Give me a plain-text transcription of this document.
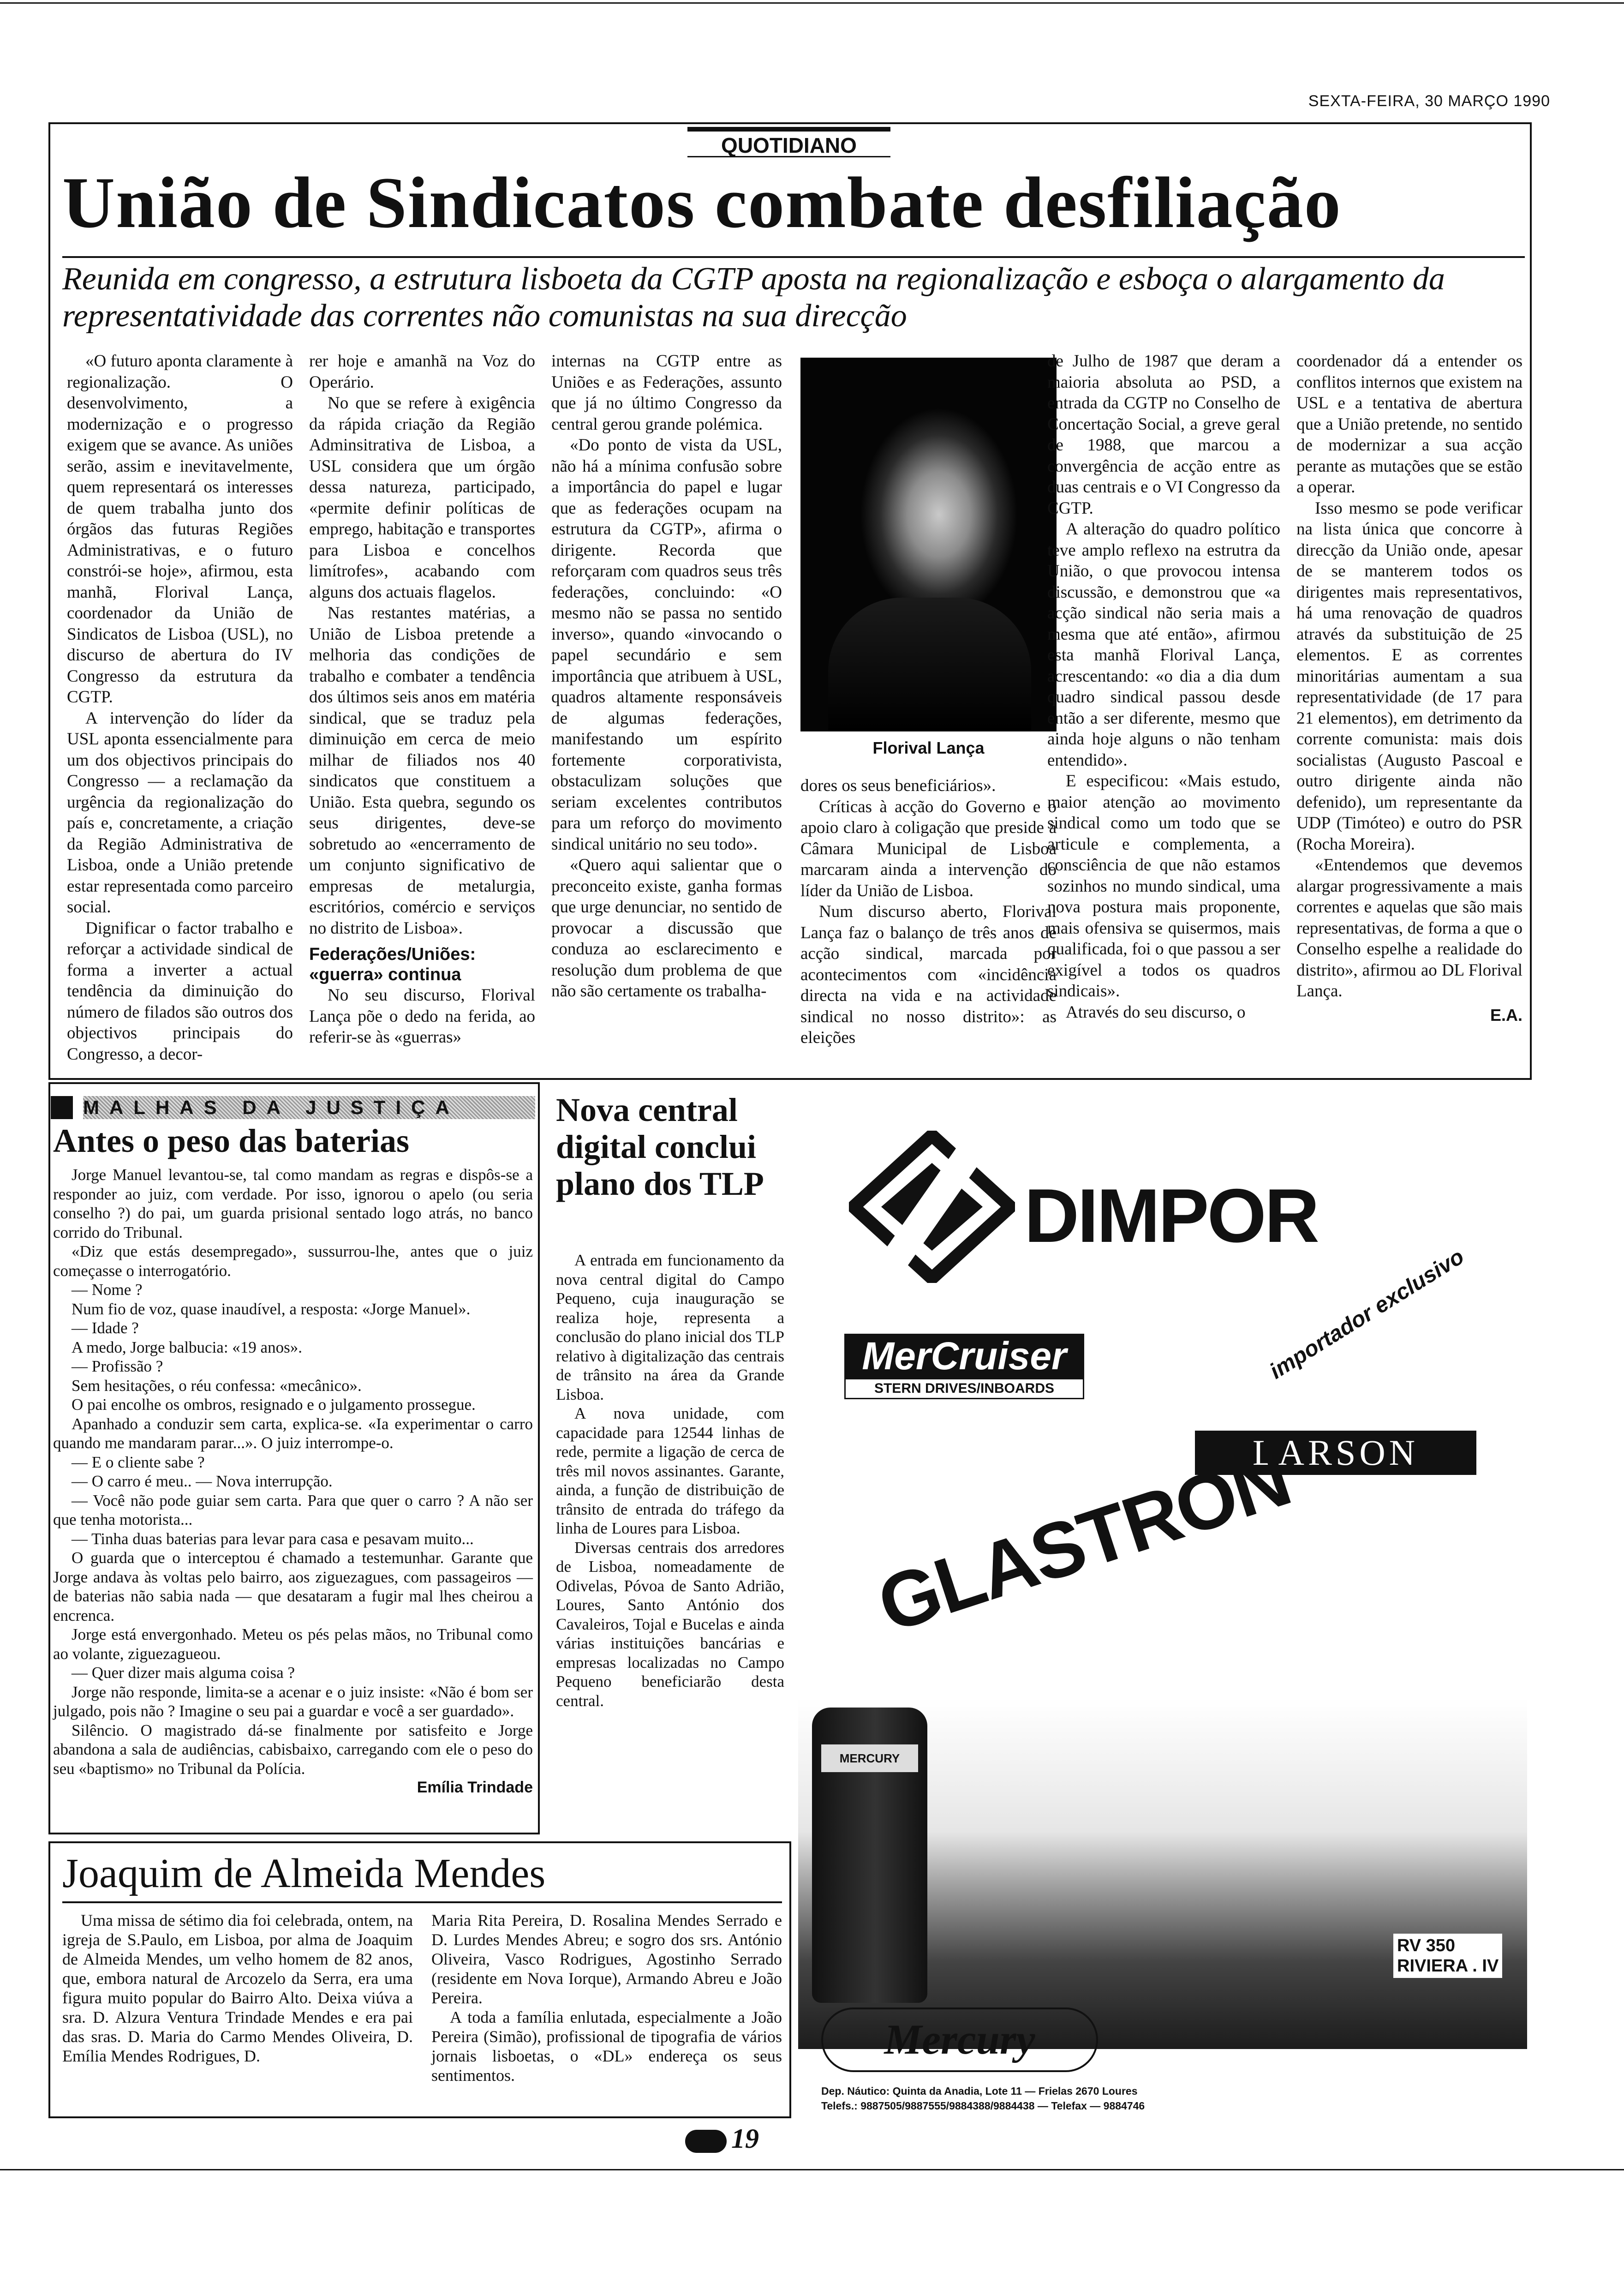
SEXTA-FEIRA, 30 MARÇO 1990
QUOTIDIANO
União de Sindicatos combate desfiliação
Reunida em congresso, a estrutura lisboeta da CGTP aposta na regionalização e esboça o alargamento da representatividade das correntes não comunistas na sua direcção

«O futuro aponta claramente à regionalização. O desenvolvimento, a modernização e o progresso exigem que se avance. As uniões serão, assim e inevitavelmente, quem representará os interesses de quem trabalha junto dos órgãos das futuras Regiões Administrativas, e o futuro constrói-se hoje», afirmou, esta manhã, Florival Lança, coordenador da União de Sindicatos de Lisboa (USL), no discurso de abertura do IV Congresso da estrutura da CGTP.

A intervenção do líder da USL aponta essencialmente para um dos objectivos principais do Congresso — a reclamação da urgência da regionalização do país e, concretamente, a criação da Região Administrativa de Lisboa, onde a União pretende estar representada como parceiro social.

Dignificar o factor trabalho e reforçar a actividade sindical de forma a inverter a actual tendência da diminuição do número de filados são outros dos objectivos principais do Congresso, a decor-

rer hoje e amanhã na Voz do Operário.

No que se refere à exigência da rápida criação da Região Adminsitrativa de Lisboa, a USL considera que um órgão dessa natureza, participado, «permite definir políticas de emprego, habitação e transportes para Lisboa e concelhos limítrofes», acabando com alguns dos actuais flagelos.

Nas restantes matérias, a União de Lisboa pretende a melhoria das condições de trabalho e combater a tendência dos últimos seis anos em matéria sindical, que se traduz pela diminuição em cerca de meio milhar de filiados nos 40 sindicatos que constituem a União. Esta quebra, segundo os seus dirigentes, deve-se sobretudo ao «encerramento de um conjunto significativo de empresas de metalurgia, escritórios, comércio e serviços no distrito de Lisboa».

Federações/Uniões: «guerra» continua

No seu discurso, Florival Lança põe o dedo na ferida, ao referir-se às «guerras»

internas na CGTP entre as Uniões e as Federações, assunto que já no último Congresso da central gerou grande polémica.

«Do ponto de vista da USL, não há a mínima confusão sobre a importância do papel e lugar que as federações ocupam na estrutura da CGTP», afirma o dirigente. Recorda que reforçaram com quadros seus três federações, concluindo: «O mesmo não se passa no sentido inverso», quando «invocando o papel secundário e sem importância que atribuem à USL, quadros altamente responsáveis de algumas federações, manifestando um espírito fortemente corporativista, obstaculizam soluções que seriam excelentes contributos para um reforço do movimento sindical unitário no seu todo».

«Quero aqui salientar que o preconceito existe, ganha formas que urge denunciar, no sentido de provocar a discussão que conduza ao esclarecimento e resolução dum problema de que não são certamente os trabalha-

Florival Lança

dores os seus beneficiários».

Críticas à acção do Governo e o apoio claro à coligação que preside à Câmara Municipal de Lisboa marcaram ainda a intervenção do líder da União de Lisboa.

Num discurso aberto, Florival Lança faz o balanço de três anos de acção sindical, marcada por acontecimentos com «incidência directa na vida e na actividade sindical no nosso distrito»: as eleições

de Julho de 1987 que deram a maioria absoluta ao PSD, a entrada da CGTP no Conselho de Concertação Social, a greve geral de 1988, que marcou a convergência de acção entre as duas centrais e o VI Congresso da CGTP.

A alteração do quadro político teve amplo reflexo na estrutra da União, o que provocou intensa discussão, e demonstrou que «a acção sindical não seria mais a mesma que até então», afirmou esta manhã Florival Lança, acrescentando: «o dia a dia dum quadro sindical passou desde então a ser diferente, mesmo que ainda hoje alguns o não tenham entendido».

E especificou: «Mais estudo, maior atenção ao movimento sindical como um todo que se articule e complementa, a consciência de que não estamos sozinhos no mundo sindical, uma nova postura mais proponente, mais ofensiva se quisermos, mais qualificada, foi o que passou a ser exigível a todos os quadros sindicais».

Através do seu discurso, o

coordenador dá a entender os conflitos internos que existem na USL e a tentativa de abertura que a União pretende, no sentido de modernizar a sua acção perante as mutações que se estão a operar.

Isso mesmo se pode verificar na lista única que concorre à direcção da União onde, apesar de se manterem todos os dirigentes mais representativos, há uma renovação de quadros através da substituição de 25 elementos. E as correntes minoritárias aumentam a sua representatividade (de 17 para 21 elementos), em detrimento da corrente comunista: mais dois socialistas (Augusto Pascoal e outro dirigente ainda não defenido), um representante da UDP (Timóteo) e outro do PSR (Rocha Moreira).

«Entendemos que devemos alargar progressivamente a mais correntes e aquelas que são mais representativas, de forma a que o Conselho espelhe a realidade do distrito», afirmou ao DL Florival Lança.

E.A.
MALHAS DA JUSTIÇA
Antes o peso das baterias

Jorge Manuel levantou-se, tal como mandam as regras e dispôs-se a responder ao juiz, com verdade. Por isso, ignorou o apelo (ou seria conselho ?) do pai, um guarda prisional sentado logo atrás, no banco corrido do Tribunal.

«Diz que estás desempregado», sussurrou-lhe, antes que o juiz começasse o interrogatório.

— Nome ?

Num fio de voz, quase inaudível, a resposta: «Jorge Manuel».

— Idade ?

A medo, Jorge balbucia: «19 anos».

— Profissão ?

Sem hesitações, o réu confessa: «mecânico».

O pai encolhe os ombros, resignado e o julgamento prossegue.

Apanhado a conduzir sem carta, explica-se. «Ia experimentar o carro quando me mandaram parar...». O juiz interrompe-o.

— E o cliente sabe ?

— O carro é meu.. — Nova interrupção.

— Você não pode guiar sem carta. Para que quer o carro ? A não ser que tenha motorista...

— Tinha duas baterias para levar para casa e pesavam muito...

O guarda que o interceptou é chamado a testemunhar. Garante que Jorge andava às voltas pelo bairro, aos ziguezagues, com passageiros — de baterias não sabia nada — que desataram a fugir mal lhes cheirou a encrenca.

Jorge está envergonhado. Meteu os pés pelas mãos, no Tribunal como ao volante, ziguezagueou.

— Quer dizer mais alguma coisa ?

Jorge não responde, limita-se a acenar e o juiz insiste: «Não é bom ser julgado, pois não ? Imagine o seu pai a guardar e você a ser guardado».

Silêncio. O magistrado dá-se finalmente por satisfeito e Jorge abandona a sala de audiências, cabisbaixo, carregando com ele o peso do seu «baptismo» no Tribunal da Polícia.

Emília Trindade
Nova central digital conclui plano dos TLP

A entrada em funcionamento da nova central digital do Campo Pequeno, cuja inauguração se realiza hoje, representa a conclusão do plano inicial dos TLP relativo à digitalização das centrais de trânsito na área da Grande Lisboa.

A nova unidade, com capacidade para 12544 linhas de rede, permite a ligação de cerca de três mil novos assinantes. Garante, ainda, a função de distribuição de trânsito de entrada do tráfego da linha de Loures para Lisboa.

Diversas centrais dos arredores de Lisboa, nomeadamente de Odivelas, Póvoa de Santo Adrião, Loures, Santo António dos Cavaleiros, Tojal e Bucelas e ainda várias instituições bancárias e empresas localizadas no Campo Pequeno beneficiarão desta central.

Joaquim de Almeida Mendes

Uma missa de sétimo dia foi celebrada, ontem, na igreja de S.Paulo, em Lisboa, por alma de Joaquim de Almeida Mendes, um velho homem de 82 anos, que, embora natural de Arcozelo da Serra, era uma figura muito popular do Bairro Alto. Deixa viúva a sra. D. Alzura Ventura Trindade Mendes e era pai das sras. D. Maria do Carmo Mendes Oliveira, D. Emília Mendes Rodrigues, D.

Maria Rita Pereira, D. Rosalina Mendes Serrado e D. Lurdes Mendes Abreu; e sogro dos srs. António Oliveira, Vasco Rodrigues, Agostinho Serrado (residente em Nova Iorque), Armando Abreu e João Pereira.

A toda a família enlutada, especialmente a João Pereira (Simão), profissional de tipografia de vários jornais lisboetas, o «DL» endereça os seus sentimentos.

DIMPOR
importador exclusivo
MerCruiser
STERN DRIVES/INBOARDS
LARSON
GLASTRON
MERCURY
RV 350
RIVIERA . IV
Mercury
Dep. Náutico: Quinta da Anadia, Lote 11 — Frielas 2670 Loures
Telefs.: 9887505/9887555/9884388/9884438 — Telefax — 9884746
19
